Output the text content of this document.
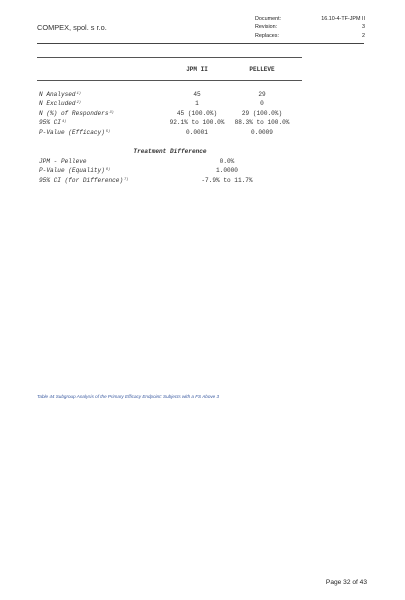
COMPEX, spol. s r.o.
Document:	16.10-4-TF-JPM II
Revision:	3
Replaces:	2
JPM II	PELLEVE
N Analysed$^{1)}$	45	29
N Excluded$^{2)}$	1	0
N (%) of Responders$^{3)}$	45 (100.0%)	29 (100.0%)
95% CI$^{4)}$	92.1% to 100.0% 88.3% to 100.0%
P-Value (Efficacy)$^{5)}$	0.0001	0.0009
Treatment Difference
JPM - Pelleve	0.0%
P-Value (Equality)$^{6)}$	1.0000
95% CI (for Difference)$^{7)}$	-7.9% to 11.7%
Table 44 Subgroup Analysis of the Primary Efficacy Endpoint: Subjects with a FS Above 3
Page 32 of 43
